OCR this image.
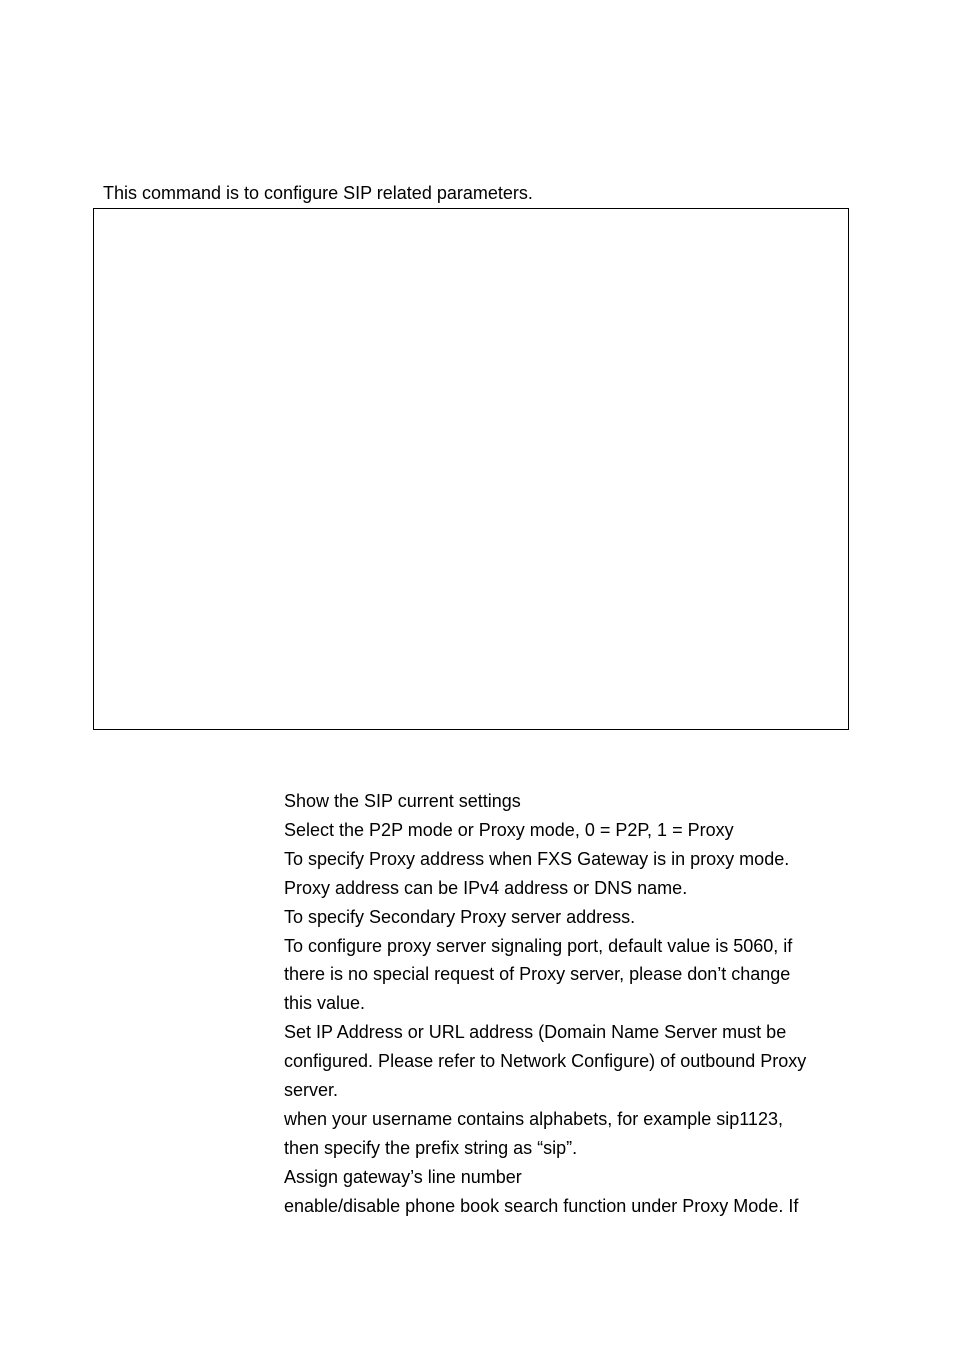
This command is to configure SIP related parameters.

Show the SIP current settings
Select the P2P mode or Proxy mode, 0 = P2P, 1 = Proxy
To specify Proxy address when FXS Gateway is in proxy mode.
Proxy address can be IPv4 address or DNS name.
To specify Secondary Proxy server address.
To configure proxy server signaling port, default value is 5060, if
there is no special request of Proxy server, please don’t change
this value.
Set IP Address or URL address (Domain Name Server must be
configured. Please refer to Network Configure) of outbound Proxy
server.
when your username contains alphabets, for example sip1123,
then specify the prefix string as “sip”.
Assign gateway’s line number
enable/disable phone book search function under Proxy Mode. If
